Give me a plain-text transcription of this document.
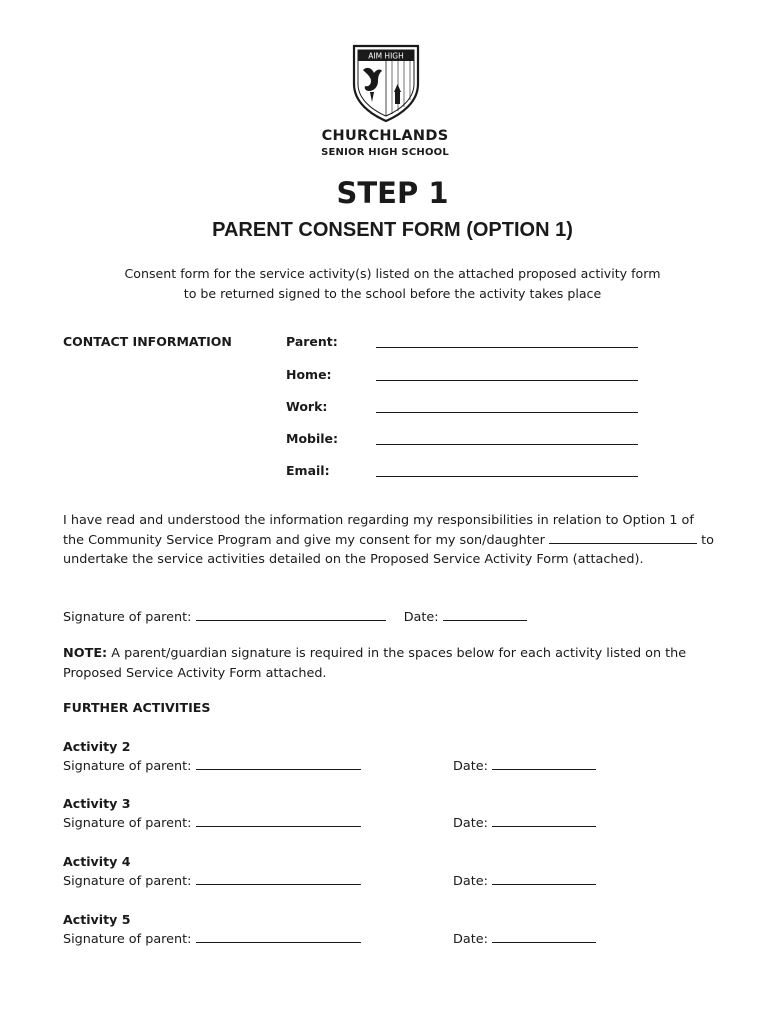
AIM HIGH
CHURCHLANDS
SENIOR HIGH SCHOOL
STEP 1
PARENT CONSENT FORM (OPTION 1)
Consent form for the service activity(s) listed on the attached proposed activity form
to be returned signed to the school before the activity takes place
CONTACT INFORMATION	Parent:
Home:
Work:
Mobile:
Email:
I have read and understood the information regarding my responsibilities in relation to Option 1 of
the Community Service Program and give my consent for my son/daughter	to
undertake the service activities detailed on the Proposed Service Activity Form (attached).
Signature of parent:	Date:
NOTE: A parent/guardian signature is required in the spaces below for each activity listed on the
Proposed Service Activity Form attached.
FURTHER ACTIVITIES
Activity 2
Signature of parent:	Date:
Activity 3
Signature of parent:	Date:
Activity 4
Signature of parent:	Date:
Activity 5
Signature of parent:	Date:
